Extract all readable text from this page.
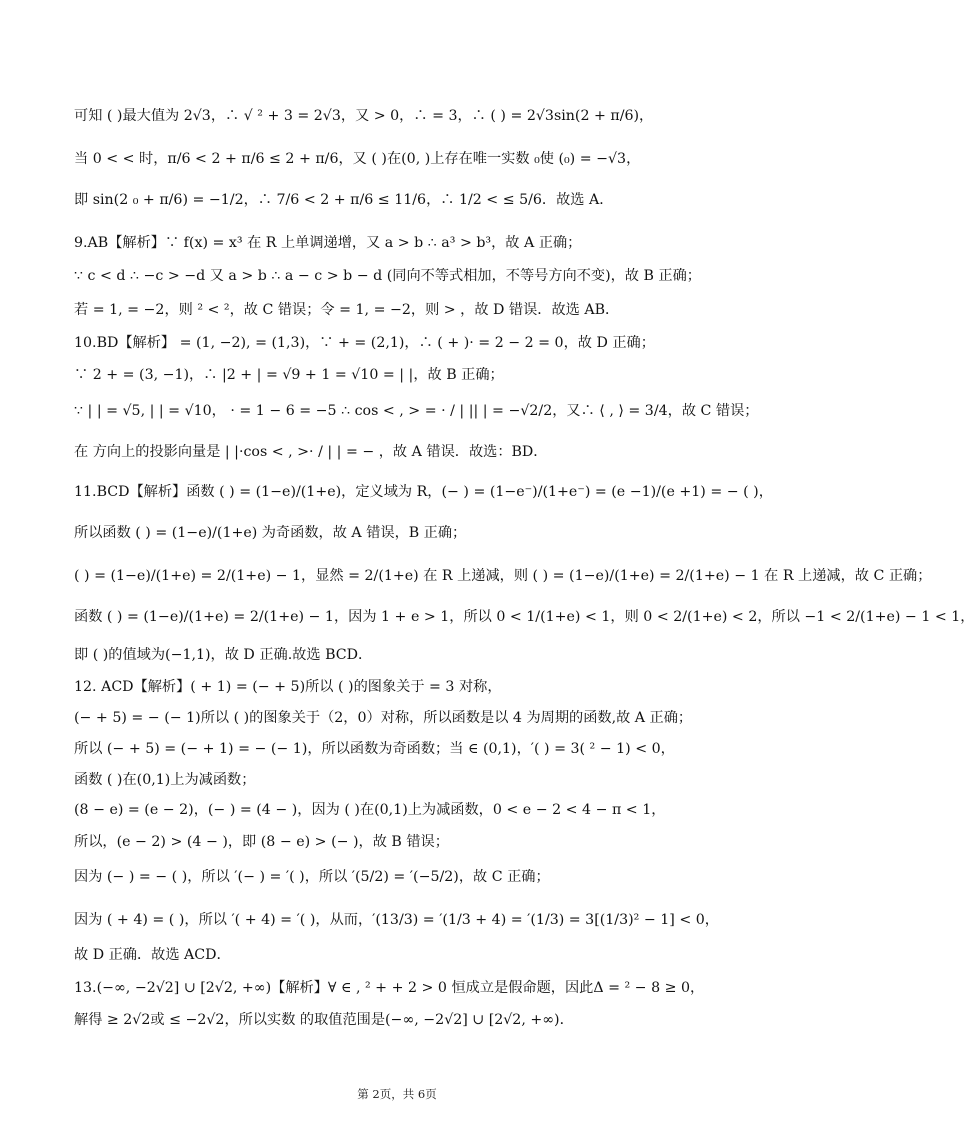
可知 ( )最大值为 2√3，∴ √ ² + 3 = 2√3，又 > 0，∴ = 3，∴ ( ) = 2√3sin(2 + π/6)，
当 0 < < 时，π/6 < 2 + π/6 ≤ 2 + π/6，又 ( )在(0, )上存在唯一实数 ₀使 (₀) = −√3，
即 sin(2 ₀ + π/6) = −1/2，∴ 7/6 < 2 + π/6 ≤ 11/6，∴ 1/2 < ≤ 5/6．故选 A．
9.AB【解析】∵ f(x) = x³ 在 R 上单调递增，又 a > b ∴ a³ > b³，故 A 正确；
∵ c < d ∴ −c > −d 又 a > b ∴ a − c > b − d (同向不等式相加，不等号方向不变)，故 B 正确；
若 = 1, = −2，则 ² < ²，故 C 错误；令 = 1, = −2，则 > ，故 D 错误．故选 AB．
10.BD【解析】 = (1, −2), = (1,3)，∵ + = (2,1)，∴ ( + )· = 2 − 2 = 0，故 D 正确；
∵ 2 + = (3, −1)，∴ |2 + | = √9 + 1 = √10 = | |，故 B 正确；
∵ | | = √5, | | = √10， · = 1 − 6 = −5 ∴ cos < , > = · / | || | = −√2/2，又∴ ⟨ , ⟩ = 3/4，故 C 错误；
在 方向上的投影向量是 | |·cos < , >· / | | = − ，故 A 错误．故选：BD．
11.BCD【解析】函数 ( ) = (1−e)/(1+e)，定义域为 R，(− ) = (1−e⁻)/(1+e⁻) = (e −1)/(e +1) = − ( )，
所以函数 ( ) = (1−e)/(1+e) 为奇函数，故 A 错误，B 正确；
( ) = (1−e)/(1+e) = 2/(1+e) − 1，显然 = 2/(1+e) 在 R 上递减，则 ( ) = (1−e)/(1+e) = 2/(1+e) − 1 在 R 上递减，故 C 正确；
函数 ( ) = (1−e)/(1+e) = 2/(1+e) − 1，因为 1 + e > 1，所以 0 < 1/(1+e) < 1，则 0 < 2/(1+e) < 2，所以 −1 < 2/(1+e) − 1 < 1，
即 ( )的值域为(−1,1)，故 D 正确.故选 BCD．
12. ACD【解析】( + 1) = (− + 5)所以 ( )的图象关于 = 3 对称，
(− + 5) = − (− 1)所以 ( )的图象关于（2，0）对称，所以函数是以 4 为周期的函数,故 A 正确；
所以 (− + 5) = (− + 1) = − (− 1)，所以函数为奇函数；当 ∈ (0,1)，′( ) = 3( ² − 1) < 0，
函数 ( )在(0,1)上为减函数；
(8 − e) = (e − 2)，(− ) = (4 − )，因为 ( )在(0,1)上为减函数，0 < e − 2 < 4 − π < 1，
所以，(e − 2) > (4 − )，即 (8 − e) > (− )，故 B 错误；
因为 (− ) = − ( )，所以 ′(− ) = ′( )，所以 ′(5/2) = ′(−5/2)，故 C 正确；
因为 ( + 4) = ( )，所以 ′( + 4) = ′( )，从而，′(13/3) = ′(1/3 + 4) = ′(1/3) = 3[(1/3)² − 1] < 0，
故 D 正确．故选 ACD．
13.(−∞, −2√2] ∪ [2√2, +∞)【解析】∀ ∈ , ² + + 2 > 0 恒成立是假命题，因此Δ = ² − 8 ≥ 0，
解得 ≥ 2√2或 ≤ −2√2，所以实数 的取值范围是(−∞, −2√2] ∪ [2√2, +∞)．
第 2页，共 6页
